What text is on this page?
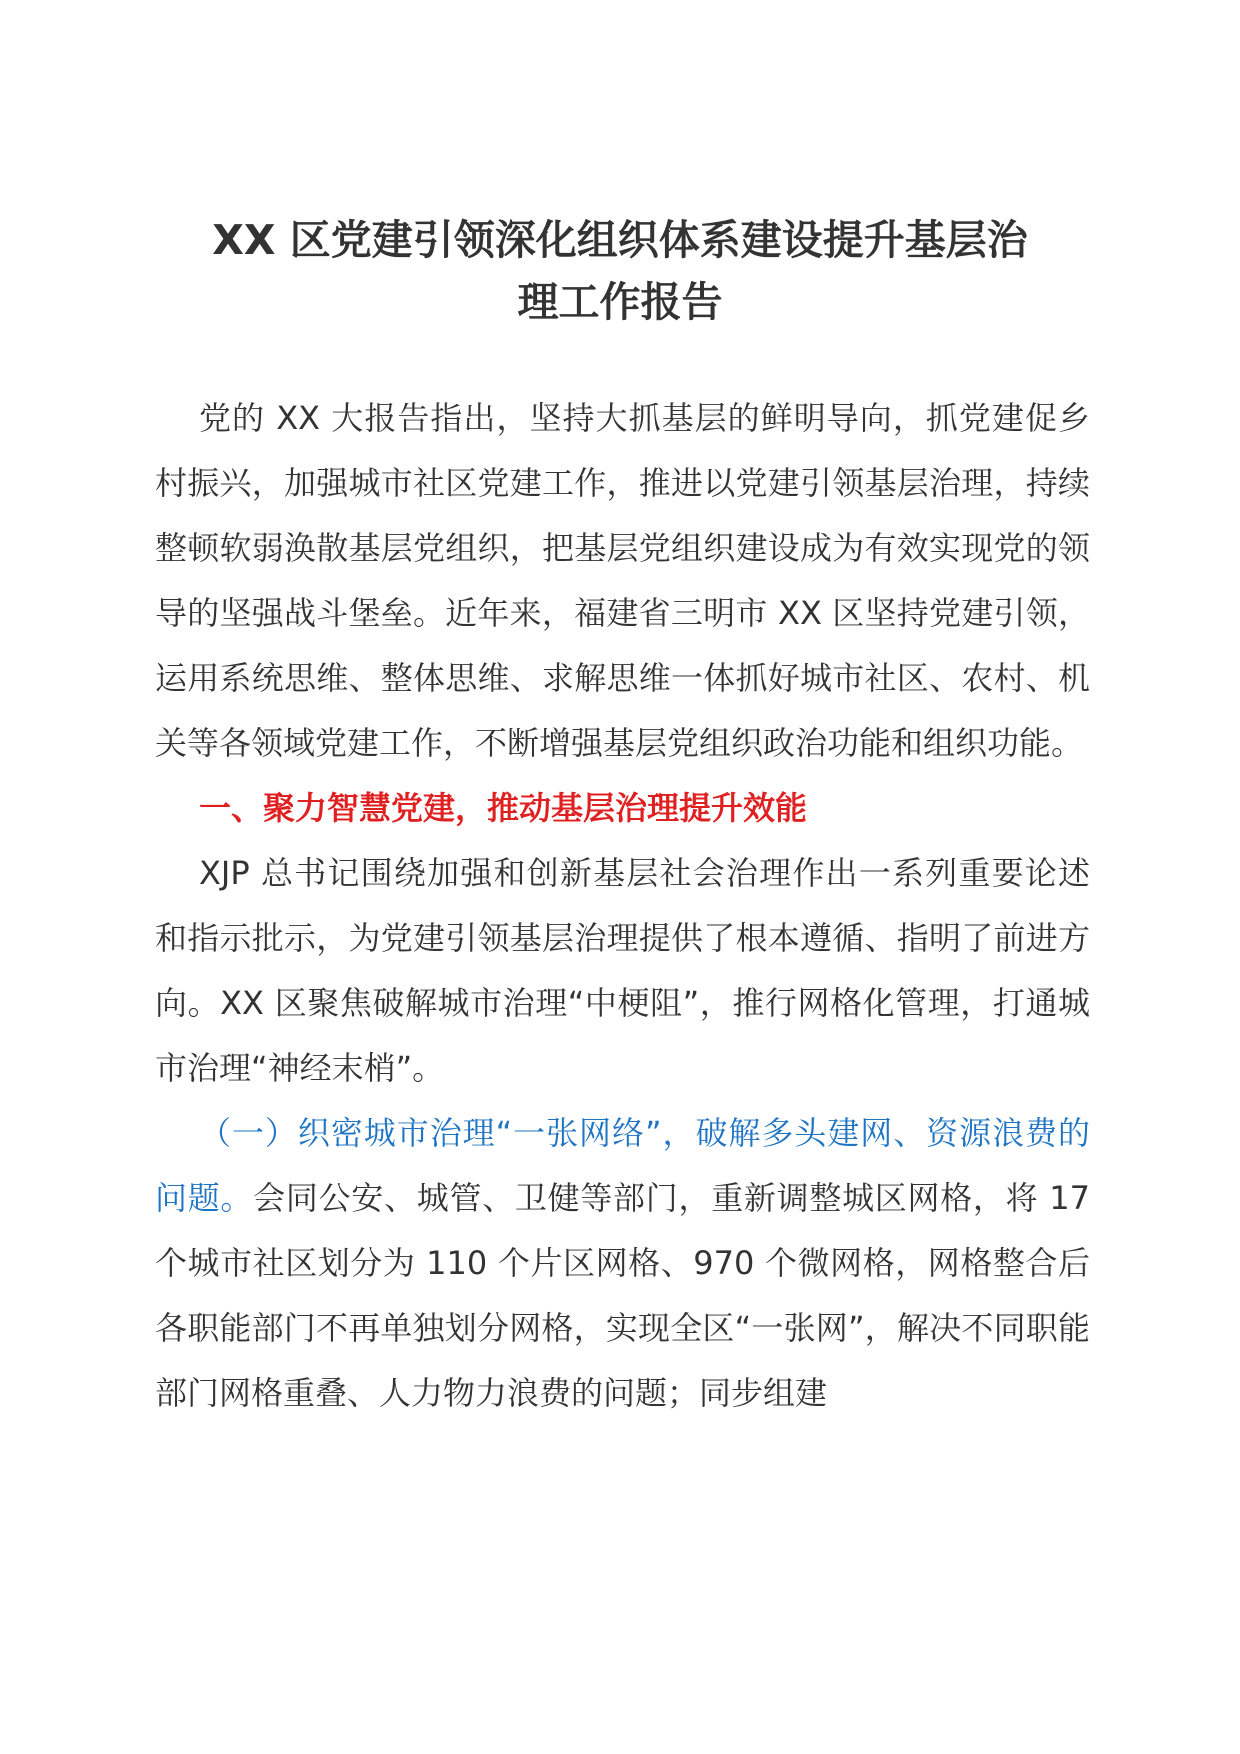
XX 区党建引领深化组织体系建设提升基层治
理工作报告

党的 XX 大报告指出，坚持大抓基层的鲜明导向，抓党建促乡村振兴，加强城市社区党建工作，推进以党建引领基层治理，持续整顿软弱涣散基层党组织，把基层党组织建设成为有效实现党的领导的坚强战斗堡垒。近年来，福建省三明市 XX 区坚持党建引领，运用系统思维、整体思维、求解思维一体抓好城市社区、农村、机关等各领域党建工作，不断增强基层党组织政治功能和组织功能。

一、聚力智慧党建，推动基层治理提升效能

XJP 总书记围绕加强和创新基层社会治理作出一系列重要论述和指示批示，为党建引领基层治理提供了根本遵循、指明了前进方向。XX 区聚焦破解城市治理“中梗阻”，推行网格化管理，打通城市治理“神经末梢”。

（一）织密城市治理“一张网络”，破解多头建网、资源浪费的问题。会同公安、城管、卫健等部门，重新调整城区网格，将 17 个城市社区划分为 110 个片区网格、970 个微网格，网格整合后各职能部门不再单独划分网格，实现全区“一张网”，解决不同职能部门网格重叠、人力物力浪费的问题；同步组建
